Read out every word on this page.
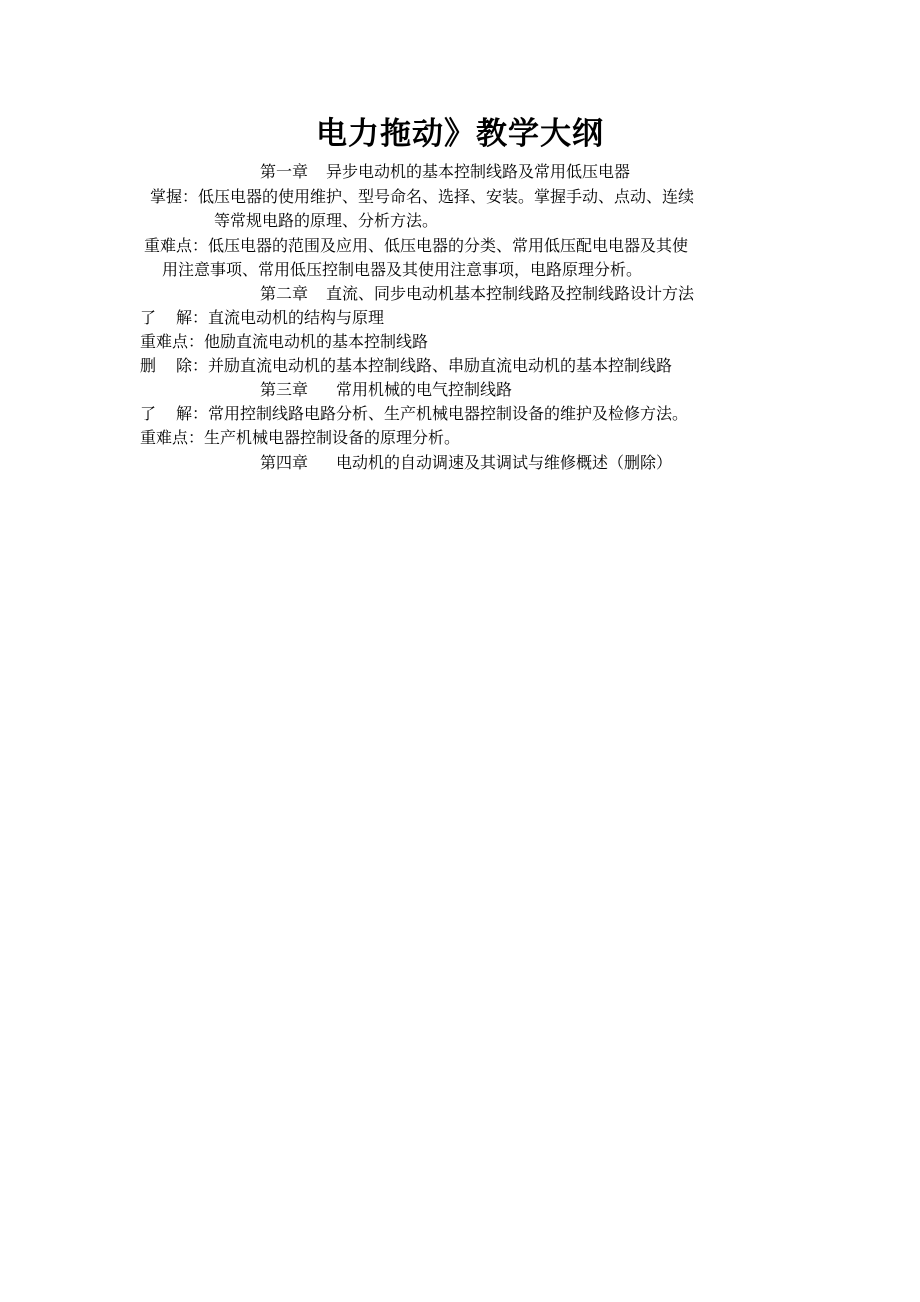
电力拖动》教学大纲
第一章 异步电动机的基本控制线路及常用低压电器
掌握：低压电器的使用维护、型号命名、选择、安装。掌握手动、点动、连续
等常规电路的原理、分析方法。
重难点：低压电器的范围及应用、低压电器的分类、常用低压配电电器及其使
用注意事项、常用低压控制电器及其使用注意事项，电路原理分析。
第二章 直流、同步电动机基本控制线路及控制线路设计方法
了 解：直流电动机的结构与原理
重难点：他励直流电动机的基本控制线路
删 除：并励直流电动机的基本控制线路、串励直流电动机的基本控制线路
第三章 常用机械的电气控制线路
了 解：常用控制线路电路分析、生产机械电器控制设备的维护及检修方法。
重难点：生产机械电器控制设备的原理分析。
第四章 电动机的自动调速及其调试与维修概述（删除）
